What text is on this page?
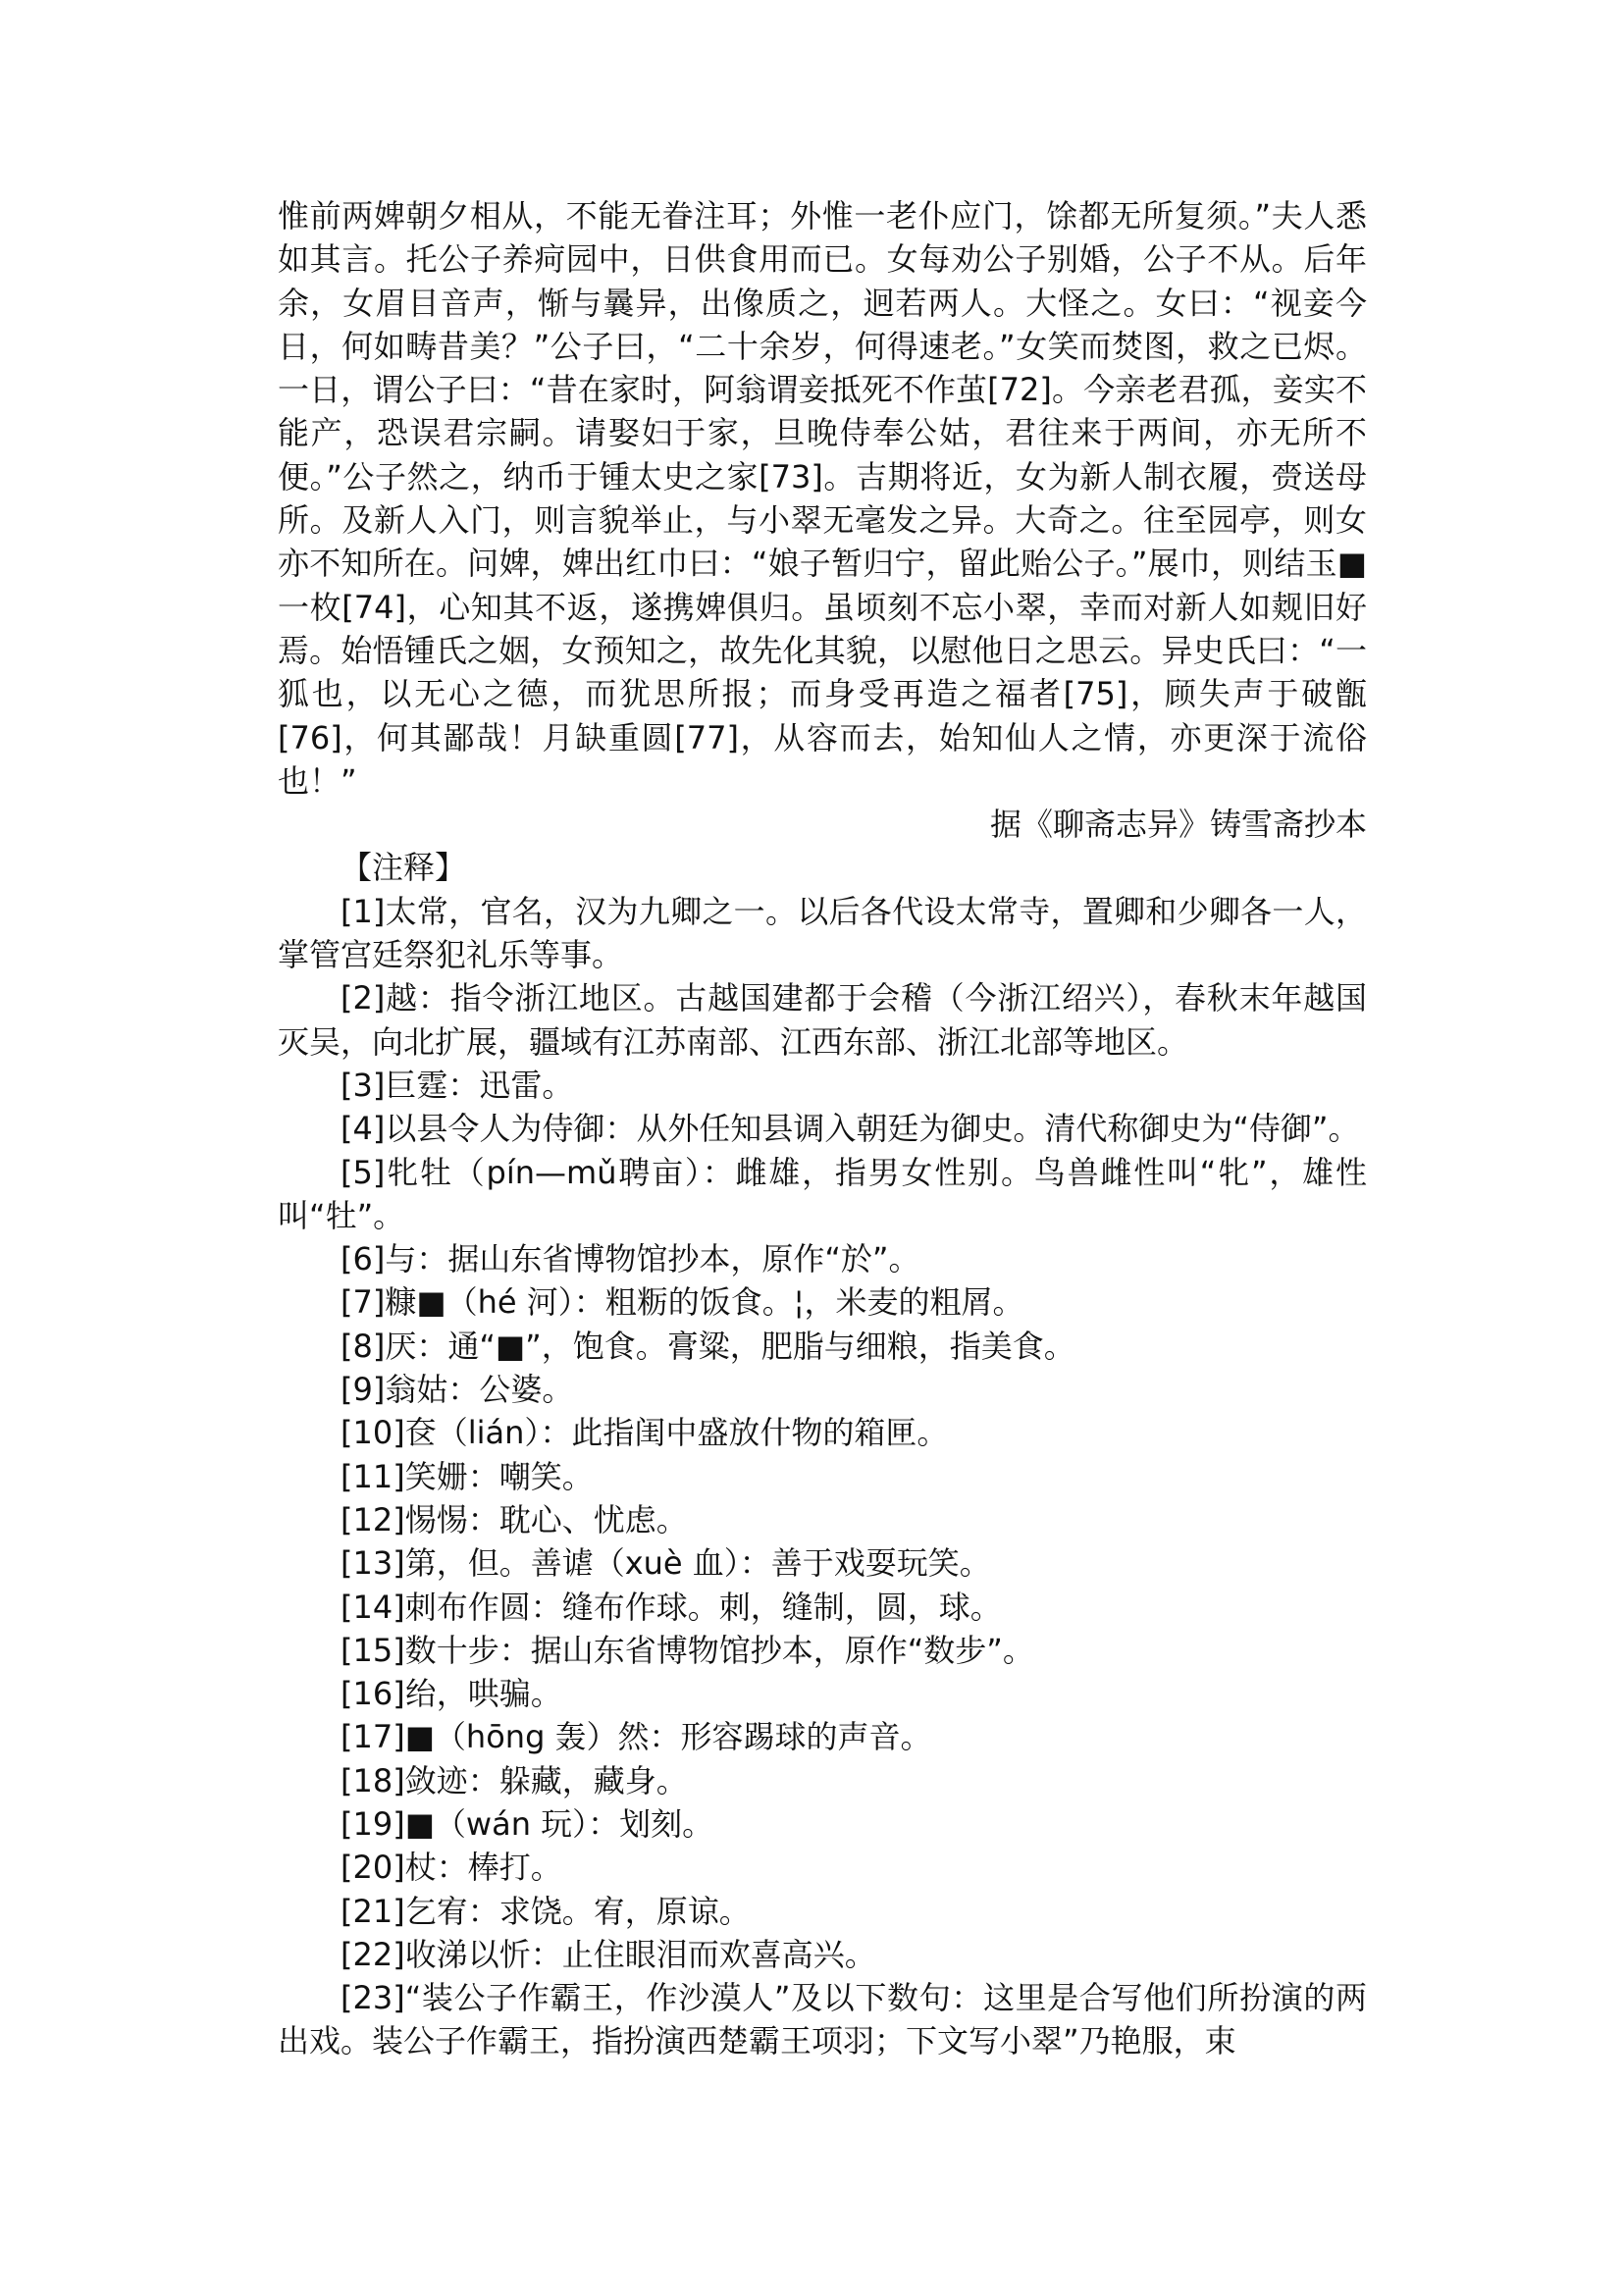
惟前两婢朝夕相从，不能无眷注耳；外惟一老仆应门，馀都无所复须。”夫人悉如其言。托公子养疴园中，日供食用而已。女每劝公子别婚，公子不从。后年余，女眉目音声，惭与曩异，出像质之，迥若两人。大怪之。女曰：“视妾今日，何如畴昔美？”公子曰，“二十余岁，何得速老。”女笑而焚图，救之已烬。一日，谓公子曰：“昔在家时，阿翁谓妾抵死不作茧[72]。今亲老君孤，妾实不能产，恐误君宗嗣。请娶妇于家，旦晚侍奉公姑，君往来于两间，亦无所不便。”公子然之，纳币于锺太史之家[73]。吉期将近，女为新人制衣履，赍送母所。及新人入门，则言貌举止，与小翠无毫发之异。大奇之。往至园亭，则女亦不知所在。问婢，婢出红巾曰：“娘子暂归宁，留此贻公子。”展巾，则结玉■一枚[74]，心知其不返，遂携婢俱归。虽顷刻不忘小翠，幸而对新人如觌旧好焉。始悟锺氏之姻，女预知之，故先化其貌，以慰他日之思云。异史氏曰：“一狐也，以无心之德，而犹思所报；而身受再造之福者[75]，顾失声于破甑[76]，何其鄙哉！月缺重圆[77]，从容而去，始知仙人之情，亦更深于流俗也！”

据《聊斋志异》铸雪斋抄本

【注释】

[1]太常，官名，汉为九卿之一。以后各代设太常寺，置卿和少卿各一人，掌管宫廷祭犯礼乐等事。

[2]越：指令浙江地区。古越国建都于会稽（今浙江绍兴），春秋末年越国灭吴，向北扩展，疆域有江苏南部、江西东部、浙江北部等地区。

[3]巨霆：迅雷。

[4]以县令人为侍御：从外任知县调入朝廷为御史。清代称御史为“侍御”。

[5]牝牡（pín—mǔ聘亩）：雌雄，指男女性别。鸟兽雌性叫“牝”，雄性叫“牡”。

[6]与：据山东省博物馆抄本，原作“於”。

[7]糠■（hé 河）：粗粝的饭食。¦，米麦的粗屑。

[8]厌：通“■”，饱食。膏粱，肥脂与细粮，指美食。

[9]翁姑：公婆。

[10]奁（lián）：此指闺中盛放什物的箱匣。

[11]笑姗：嘲笑。

[12]惕惕：耽心、忧虑。

[13]第，但。善谑（xuè 血）：善于戏耍玩笑。

[14]刺布作圆：缝布作球。刺，缝制，圆，球。

[15]数十步：据山东省博物馆抄本，原作“数步”。

[16]绐，哄骗。

[17]■（hōng 轰）然：形容踢球的声音。

[18]敛迹：躲藏，藏身。

[19]■（wán 玩）：划刻。

[20]杖：棒打。

[21]乞宥：求饶。宥，原谅。

[22]收涕以忻：止住眼泪而欢喜高兴。

[23]“装公子作霸王，作沙漠人”及以下数句：这里是合写他们所扮演的两出戏。装公子作霸王，指扮演西楚霸王项羽；下文写小翠”乃艳服，束
